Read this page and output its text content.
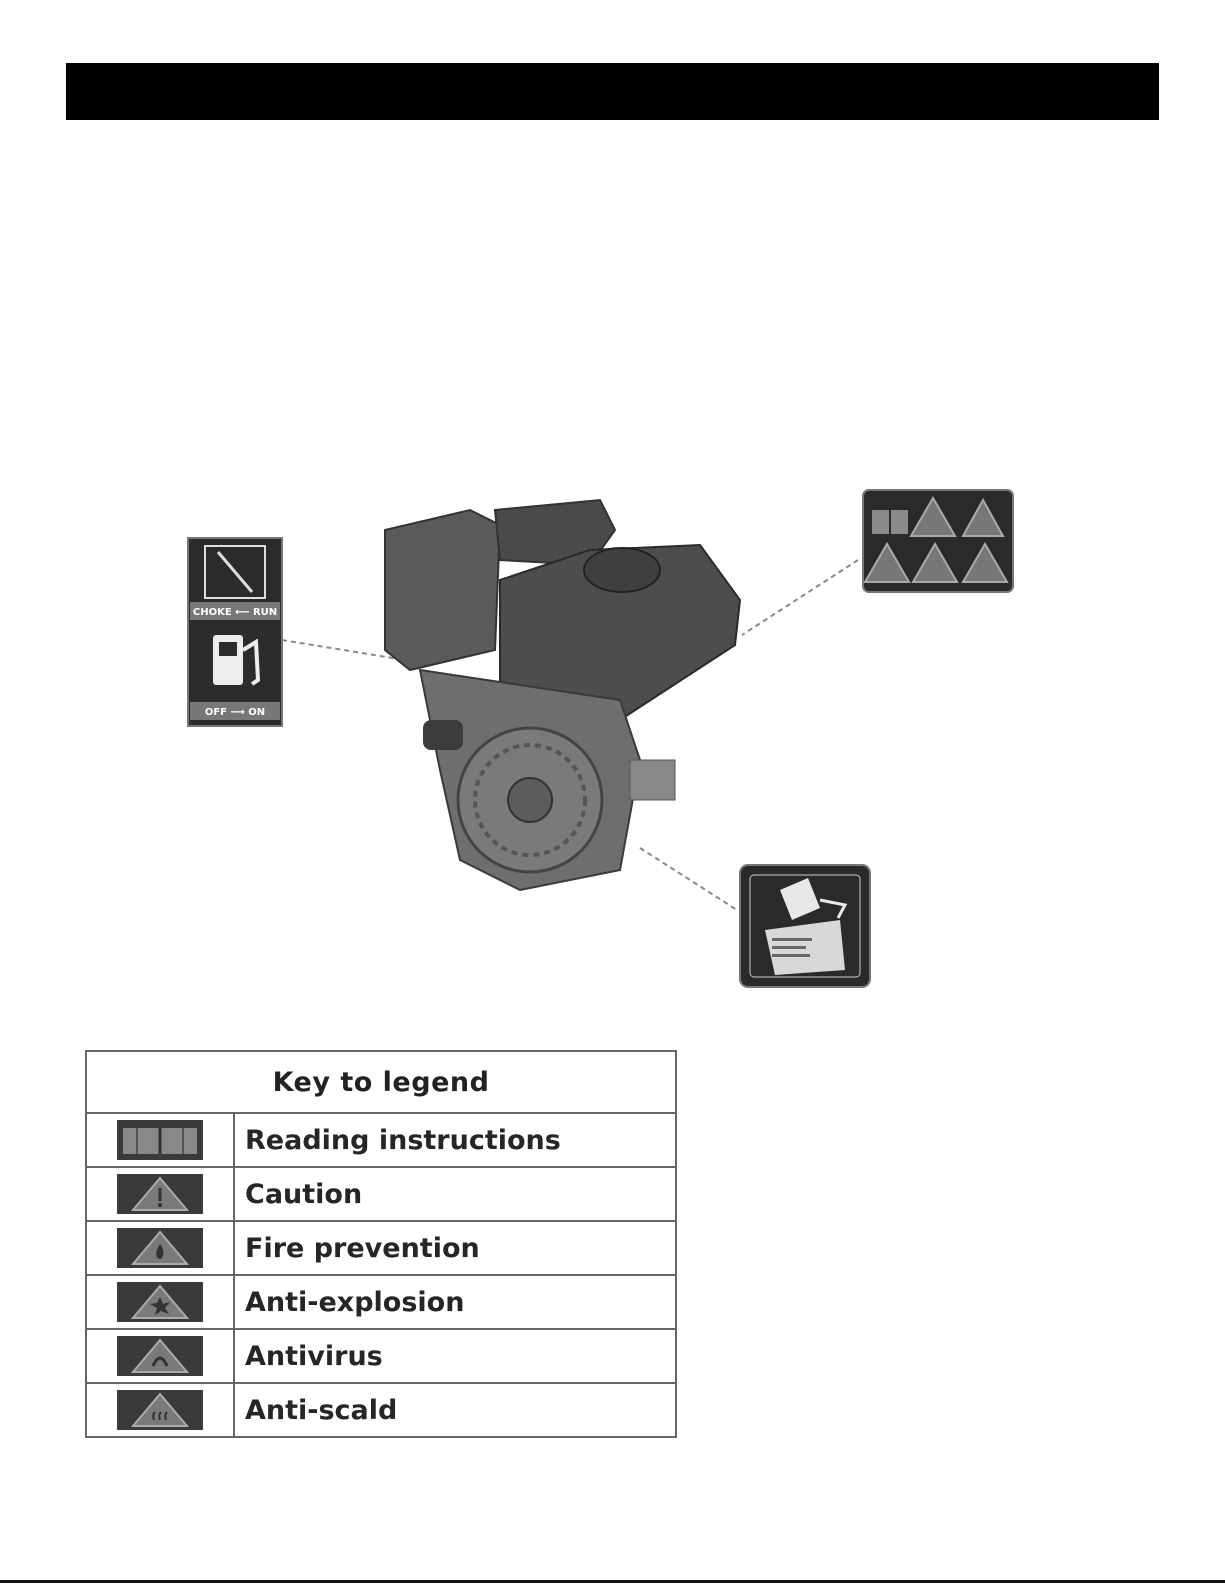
CHOKE ⟵ RUN
OFF ⟶ ON
Key to legend	

	Reading instructions

	Caution

	Fire prevention

	Anti-explosion

	Antivirus

	Anti-scald
